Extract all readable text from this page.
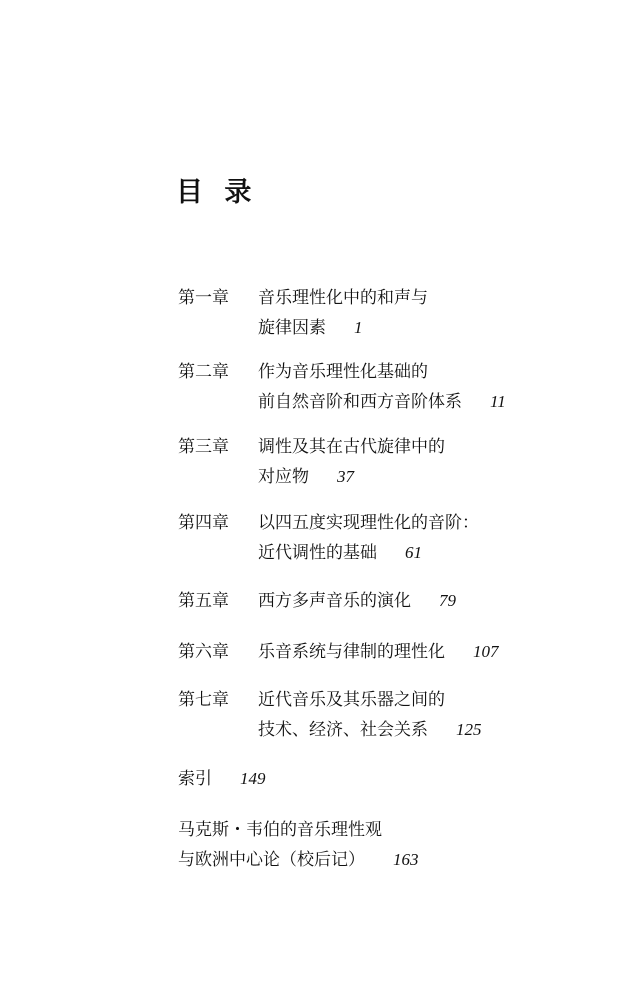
目 录
第一章 音乐理性化中的和声与
旋律因素 1
第二章 作为音乐理性化基础的
前自然音阶和西方音阶体系 11
第三章 调性及其在古代旋律中的
对应物 37
第四章 以四五度实现理性化的音阶：
近代调性的基础 61
第五章 西方多声音乐的演化 79
第六章 乐音系统与律制的理性化 107
第七章 近代音乐及其乐器之间的
技术、经济、社会关系 125
索引 149
马克斯・韦伯的音乐理性观
与欧洲中心论（校后记） 163
